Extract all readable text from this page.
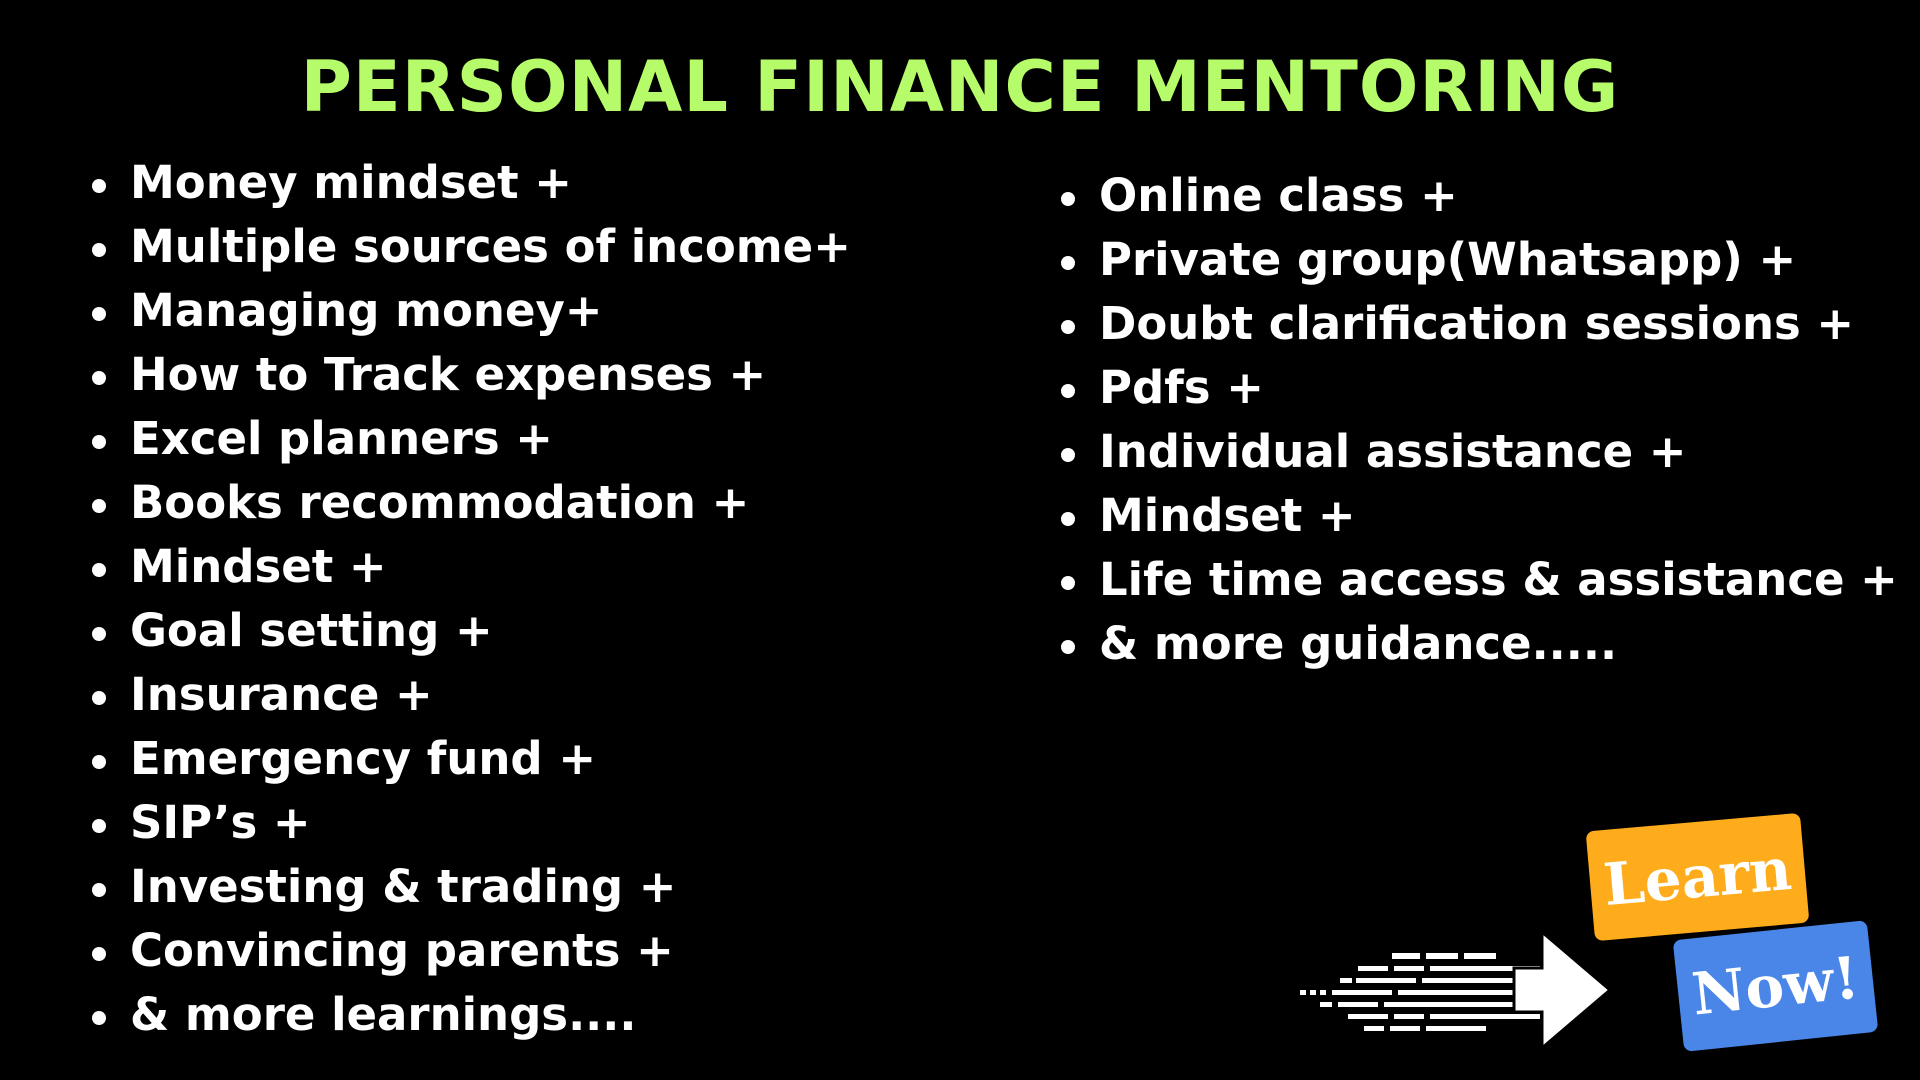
PERSONAL FINANCE MENTORING
Money mindset +
Multiple sources of income+
Managing money+
How to Track expenses +
Excel planners +
Books recommodation +
Mindset +
Goal setting +
Insurance +
Emergency fund +
SIP’s +
Investing & trading +
Convincing parents +
& more learnings....
Online class +
Private group(Whatsapp) +
Doubt clarification sessions +
Pdfs +
Individual assistance +
Mindset +
Life time access & assistance +
& more guidance.....
Learn
Now!
